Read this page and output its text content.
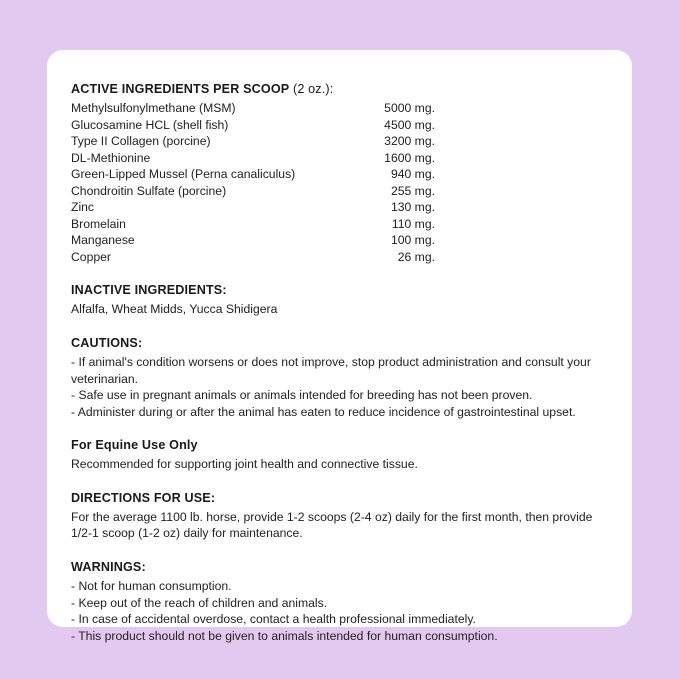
ACTIVE INGREDIENTS PER SCOOP (2 oz.):

Methylsulfonylmethane (MSM)	5000 mg.
Glucosamine HCL (shell fish)	4500 mg.
Type II Collagen (porcine)	3200 mg.
DL-Methionine	1600 mg.
Green-Lipped Mussel (Perna canaliculus)	940 mg.
Chondroitin Sulfate (porcine)	255 mg.
Zinc	130 mg.
Bromelain	110 mg.
Manganese	100 mg.
Copper	26 mg.

INACTIVE INGREDIENTS:

Alfalfa, Wheat Midds, Yucca Shidigera

CAUTIONS:

- If animal's condition worsens or does not improve, stop product administration and consult your

veterinarian.

- Safe use in pregnant animals or animals intended for breeding has not been proven.

- Administer during or after the animal has eaten to reduce incidence of gastrointestinal upset.

For Equine Use Only

Recommended for supporting joint health and connective tissue.

DIRECTIONS FOR USE:

For the average 1100 lb. horse, provide 1-2 scoops (2-4 oz) daily for the first month, then provide

1/2-1 scoop (1-2 oz) daily for maintenance.

WARNINGS:

- Not for human consumption.

- Keep out of the reach of children and animals.

- In case of accidental overdose, contact a health professional immediately.

- This product should not be given to animals intended for human consumption.
